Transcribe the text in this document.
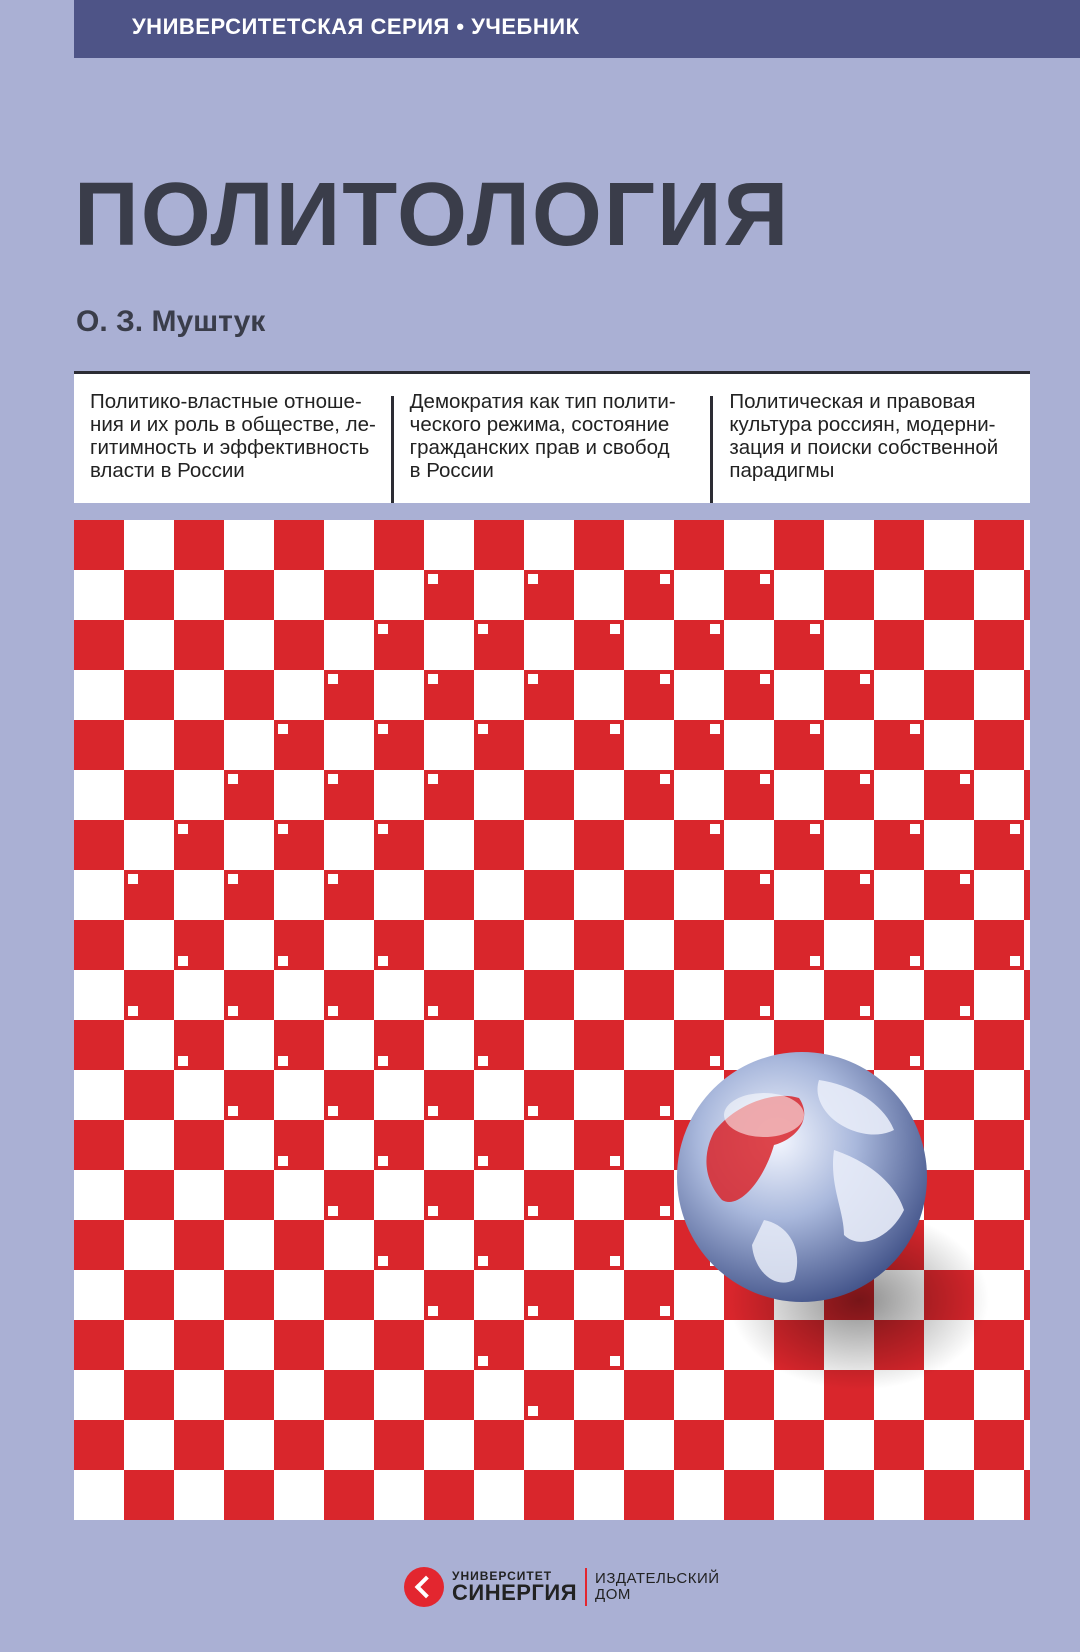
УНИВЕРСИТЕТСКАЯ СЕРИЯ • УЧЕБНИК
ПОЛИТОЛОГИЯ
О. З. Муштук
Политико-властные отноше-
ния и их роль в обществе, ле-
гитимность и эффективность
власти в России
Демократия как тип полити-
ческого режима, состояние
гражданских прав и свобод
в России
Политическая и правовая
культура россиян, модерни-
зация и поиски собственной
парадигмы
УНИВЕРСИТЕТ
СИНЕРГИЯ
ИЗДАТЕЛЬСКИЙ
ДОМ
